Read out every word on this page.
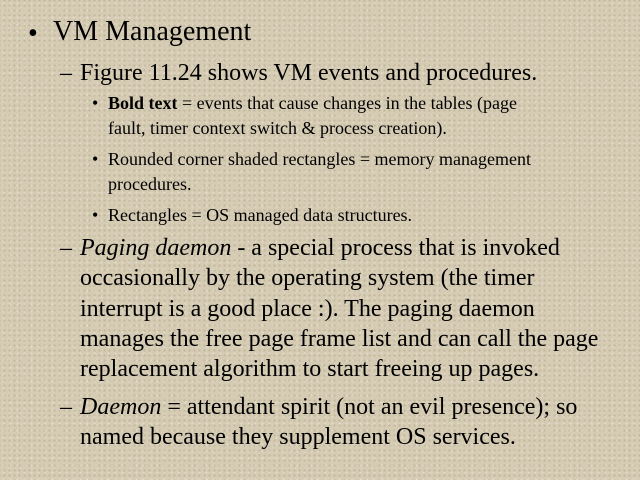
• VM Management
– Figure 11.24 shows VM events and procedures.
• Bold text = events that cause changes in the tables (page
fault, timer context switch & process creation).
• Rounded corner shaded rectangles = memory management
procedures.
• Rectangles = OS managed data structures.
– Paging daemon - a special process that is invoked
occasionally by the operating system (the timer
interrupt is a good place :). The paging daemon
manages the free page frame list and can call the page
replacement algorithm to start freeing up pages.
– Daemon = attendant spirit (not an evil presence); so
named because they supplement OS services.
